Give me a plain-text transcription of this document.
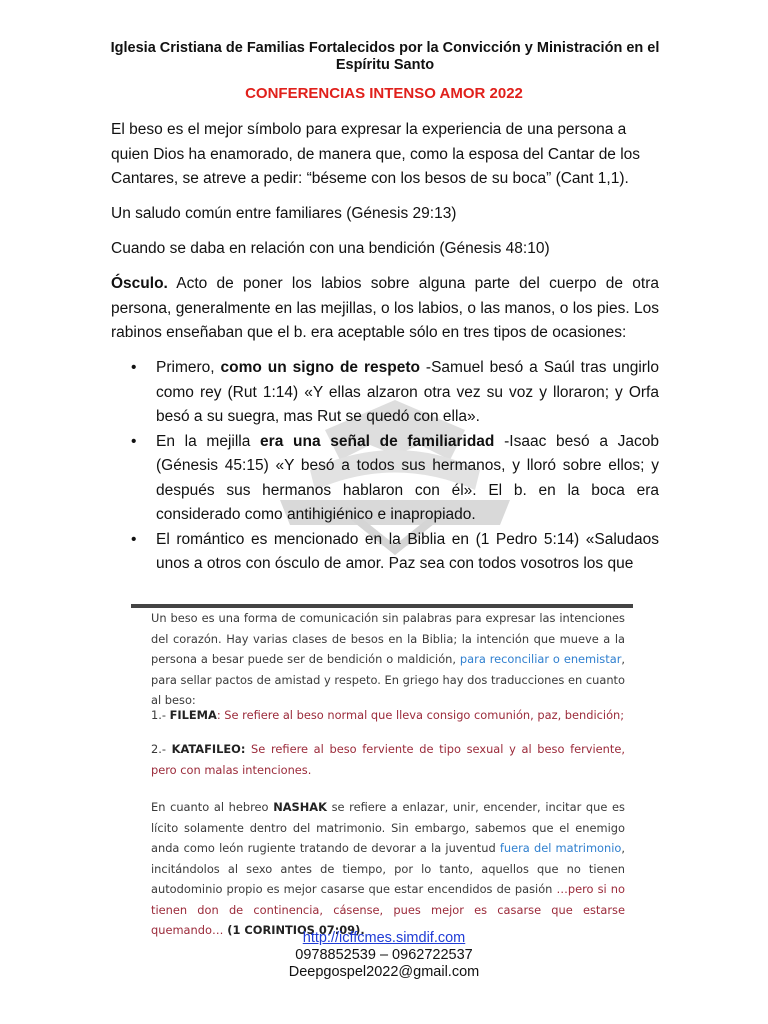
Iglesia Cristiana de Familias Fortalecidos por la Convicción y Ministración en el Espíritu Santo
CONFERENCIAS INTENSO AMOR 2022
El beso es el mejor símbolo para expresar la experiencia de una persona a quien Dios ha enamorado, de manera que, como la esposa del Cantar de los Cantares, se atreve a pedir: “béseme con los besos de su boca” (Cant 1,1).
Un saludo común entre familiares (Génesis 29:13)
Cuando se daba en relación con una bendición (Génesis 48:10)
Ósculo. Acto de poner los labios sobre alguna parte del cuerpo de otra persona, generalmente en las mejillas, o los labios, o las manos, o los pies. Los rabinos enseñaban que el b. era aceptable sólo en tres tipos de ocasiones:
• Primero, como un signo de respeto -Samuel besó a Saúl tras ungirlo como rey (Rut 1:14) «Y ellas alzaron otra vez su voz y lloraron; y Orfa besó a su suegra, mas Rut se quedó con ella».
• En la mejilla era una señal de familiaridad -Isaac besó a Jacob (Génesis 45:15) «Y besó a todos sus hermanos, y lloró sobre ellos; y después sus hermanos hablaron con él». El b. en la boca era considerado como antihigiénico e inapropiado.
• El romántico es mencionado en la Biblia en (1 Pedro 5:14) «Saludaos unos a otros con ósculo de amor. Paz sea con todos vosotros los que
Un beso es una forma de comunicación sin palabras para expresar las intenciones del corazón. Hay varias clases de besos en la Biblia; la intención que mueve a la persona a besar puede ser de bendición o maldición, para reconciliar o enemistar, para sellar pactos de amistad y respeto. En griego hay dos traducciones en cuanto al beso:
1.- FILEMA: Se refiere al beso normal que lleva consigo comunión, paz, bendición;
2.- KATAFILEO: Se refiere al beso ferviente de tipo sexual y al beso ferviente, pero con malas intenciones.
En cuanto al hebreo NASHAK se refiere a enlazar, unir, encender, incitar que es lícito solamente dentro del matrimonio. Sin embargo, sabemos que el enemigo anda como león rugiente tratando de devorar a la juventud fuera del matrimonio, incitándolos al sexo antes de tiempo, por lo tanto, aquellos que no tienen autodominio propio es mejor casarse que estar encendidos de pasión …pero si no tienen don de continencia, cásense, pues mejor es casarse que estarse quemando… (1 CORINTIOS 07:09).
http://icffcmes.simdif.com
0978852539 – 0962722537
Deepgospel2022@gmail.com
